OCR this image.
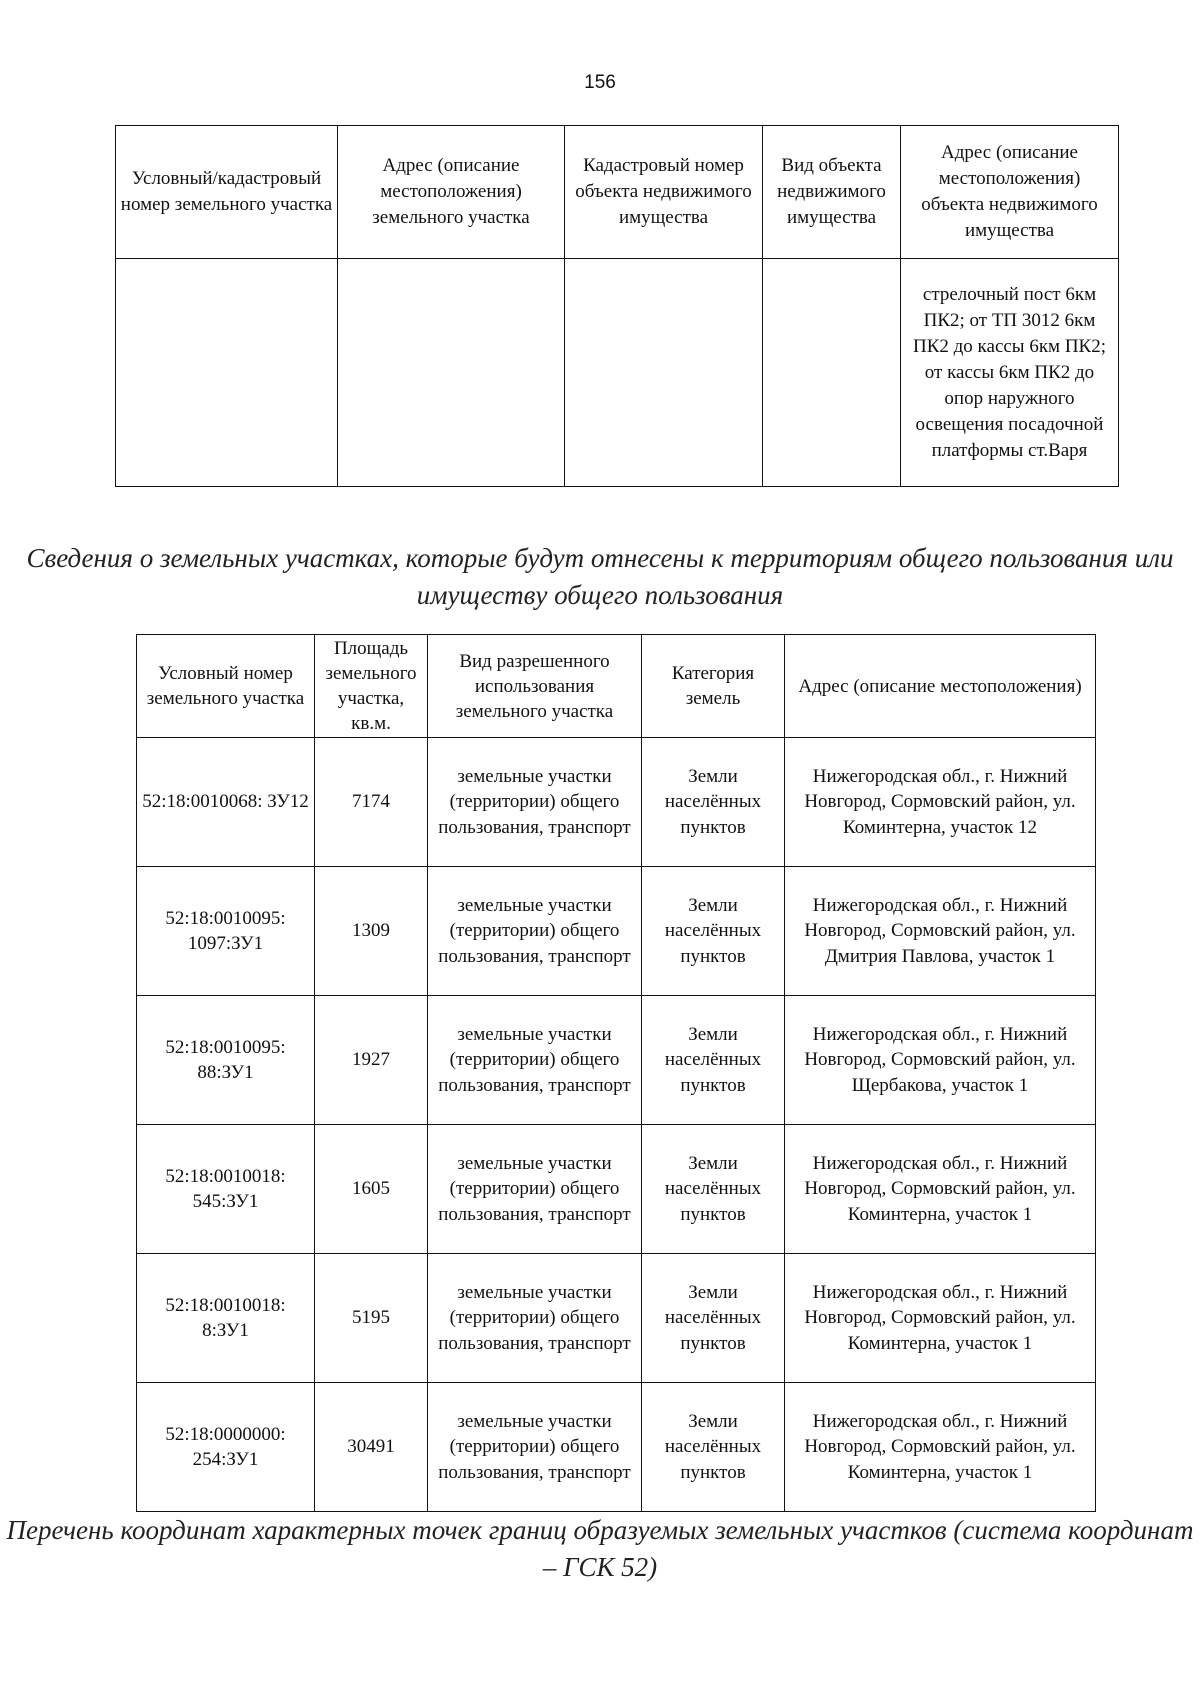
156
Условный/кадастровый номер земельного участка	Адрес (описание местоположения) земельного участка	Кадастровый номер объекта недвижимого имущества	Вид объекта недвижимого имущества	Адрес (описание местоположения) объекта недвижимого имущества
				стрелочный пост 6км ПК2; от ТП 3012 6км ПК2 до кассы 6км ПК2; от кассы 6км ПК2 до опор наружного освещения посадочной платформы ст.Варя
Сведения о земельных участках, которые будут отнесены к территориям общего пользования или имуществу общего пользования
Условный номер земельного участка	Площадь земельного участка, кв.м.	Вид разрешенного использования земельного участка	Категория земель	Адрес (описание местоположения)
52:18:0010068: ЗУ12	7174	земельные участки (территории) общего пользования, транспорт	Земли населённых пунктов	Нижегородская обл., г. Нижний Новгород, Сормовский район, ул. Коминтерна, участок 12
52:18:0010095: 1097:ЗУ1	1309	земельные участки (территории) общего пользования, транспорт	Земли населённых пунктов	Нижегородская обл., г. Нижний Новгород, Сормовский район, ул. Дмитрия Павлова, участок 1
52:18:0010095: 88:ЗУ1	1927	земельные участки (территории) общего пользования, транспорт	Земли населённых пунктов	Нижегородская обл., г. Нижний Новгород, Сормовский район, ул. Щербакова, участок 1
52:18:0010018: 545:ЗУ1	1605	земельные участки (территории) общего пользования, транспорт	Земли населённых пунктов	Нижегородская обл., г. Нижний Новгород, Сормовский район, ул. Коминтерна, участок 1
52:18:0010018: 8:ЗУ1	5195	земельные участки (территории) общего пользования, транспорт	Земли населённых пунктов	Нижегородская обл., г. Нижний Новгород, Сормовский район, ул. Коминтерна, участок 1
52:18:0000000: 254:ЗУ1	30491	земельные участки (территории) общего пользования, транспорт	Земли населённых пунктов	Нижегородская обл., г. Нижний Новгород, Сормовский район, ул. Коминтерна, участок 1
Перечень координат характерных точек границ образуемых земельных участков (система координат – ГСК 52)
